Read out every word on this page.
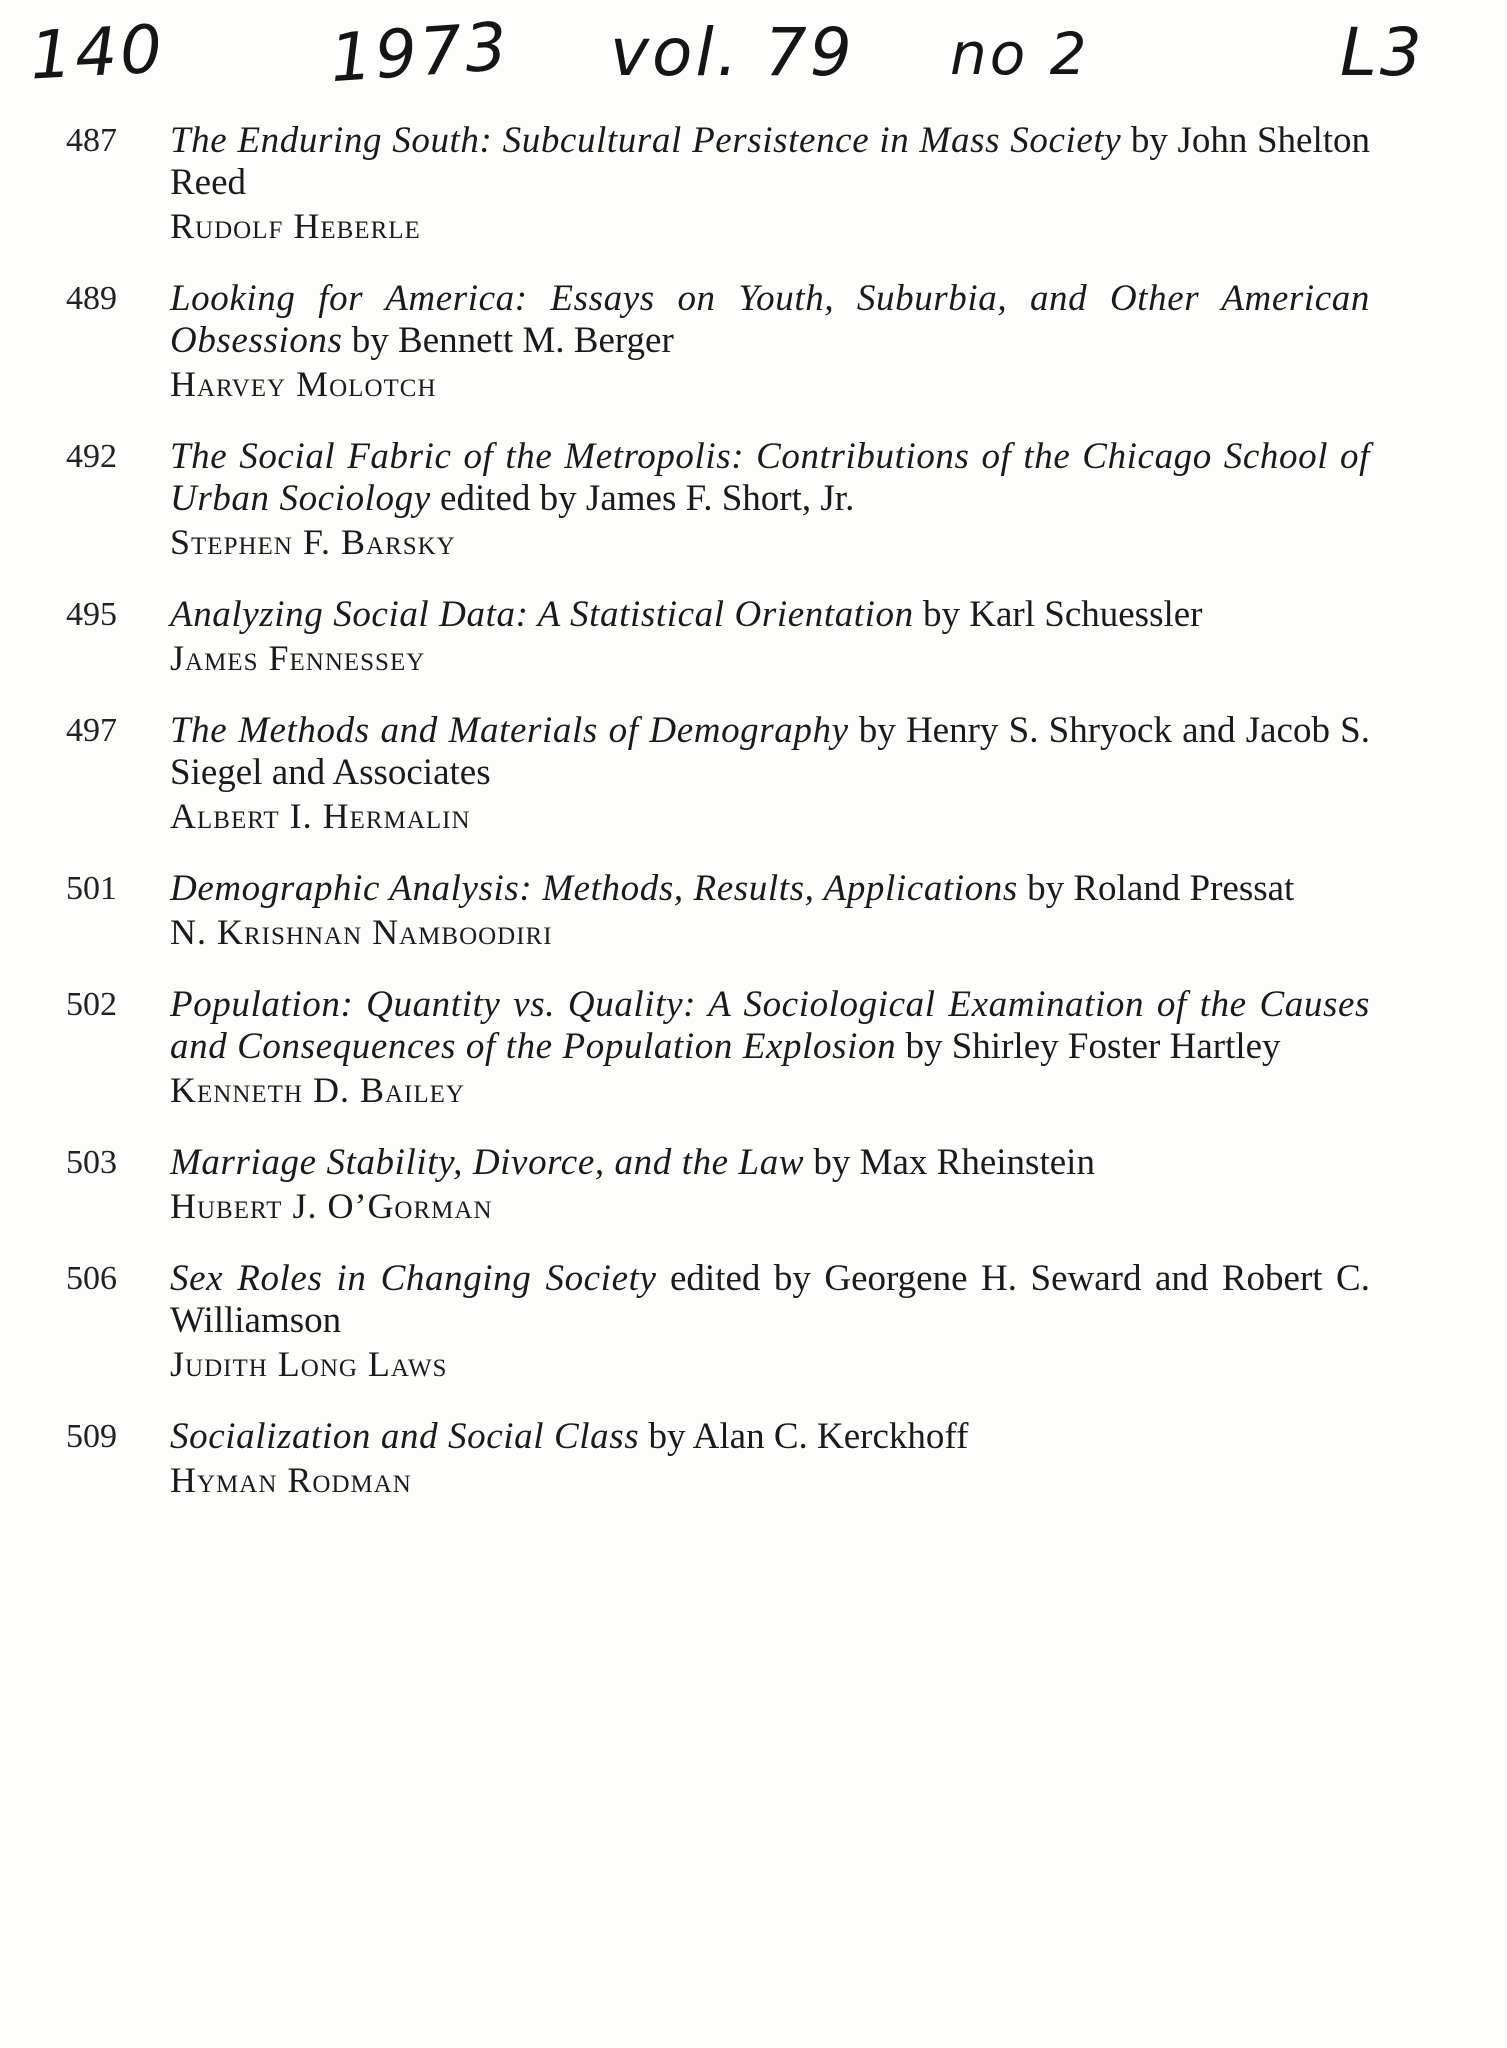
140 1973 vol. 79 no 2	L3
487	The Enduring South: Subcultural Persistence in Mass Society by John Shelton Reed
Rudolf Heberle
489	Looking for America: Essays on Youth, Suburbia, and Other American Obsessions by Bennett M. Berger
Harvey Molotch
492	The Social Fabric of the Metropolis: Contributions of the Chicago School of Urban Sociology edited by James F. Short, Jr.
Stephen F. Barsky
495	Analyzing Social Data: A Statistical Orientation by Karl Schuessler
James Fennessey
497	The Methods and Materials of Demography by Henry S. Shryock and Jacob S. Siegel and Associates
Albert I. Hermalin
501	Demographic Analysis: Methods, Results, Applications by Roland Pressat
N. Krishnan Namboodiri
502	Population: Quantity vs. Quality: A Sociological Examination of the Causes and Consequences of the Population Explosion by Shirley Foster Hartley
Kenneth D. Bailey
503	Marriage Stability, Divorce, and the Law by Max Rheinstein
Hubert J. O’Gorman
506	Sex Roles in Changing Society edited by Georgene H. Seward and Robert C. Williamson
Judith Long Laws
509	Socialization and Social Class by Alan C. Kerckhoff
Hyman Rodman
